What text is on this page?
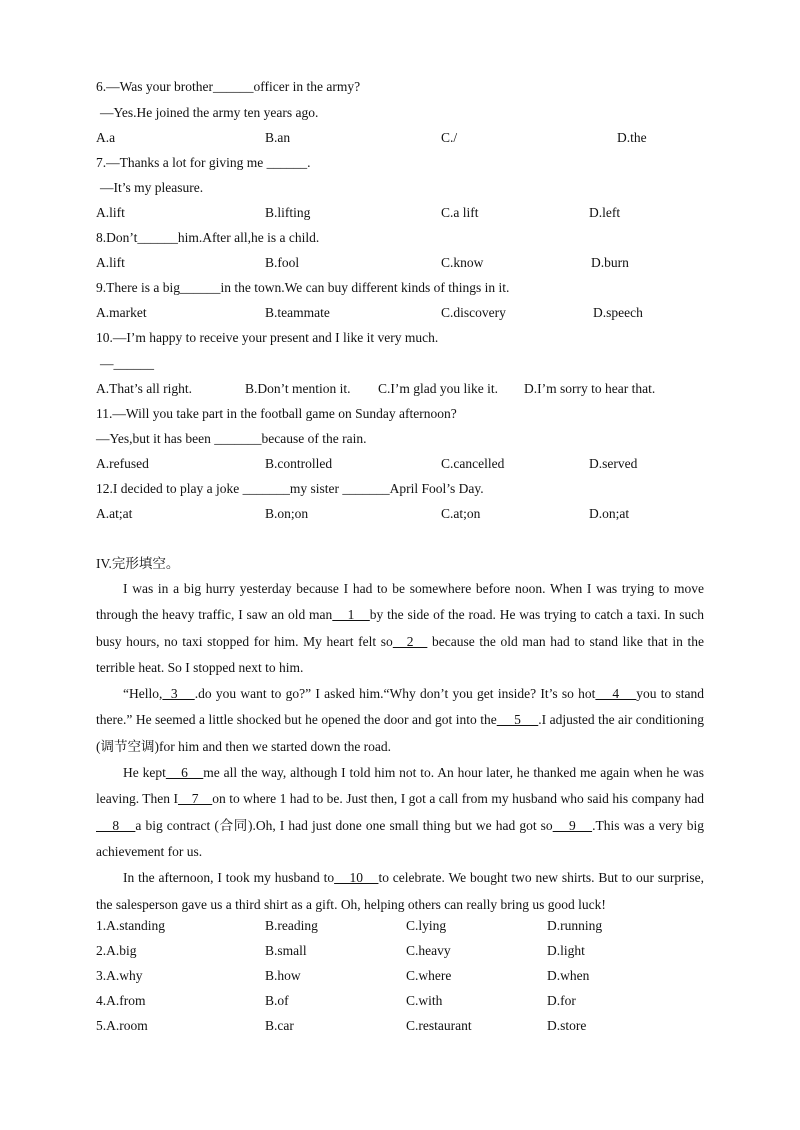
6.—Was your brother______officer in the army?
—Yes.He joined the army ten years ago.
A.a	B.an	C./	D.the
7.—Thanks a lot for giving me ______.
—It’s my pleasure.
A.lift	B.lifting	C.a lift	D.left
8.Don’t______him.After all,he is a child.
A.lift	B.fool	C.know	D.burn
9.There is a big______in the town.We can buy different kinds of things in it.
A.market	B.teammate	C.discovery	D.speech
10.—I’m happy to receive your present and I like it very much.
—______
A.That’s all right.	B.Don’t mention it. C.I’m glad you like it. D.I’m sorry to hear that.
11.—Will you take part in the football game on Sunday afternoon?
—Yes,but it has been _______because of the rain.
A.refused	B.controlled	C.cancelled	D.served
12.I decided to play a joke _______my sister _______April Fool’s Day.
A.at;at	B.on;on	C.at;on	D.on;at
IV.完形填空。

I was in a big hurry yesterday because I had to be somewhere before noon. When I was trying to move through the heavy traffic, I saw an old man    1    by the side of the road. He was trying to catch a taxi. In such busy hours, no taxi stopped for him. My heart felt so   2    because the old man had to stand like that in the terrible heat. So I stopped next to him.

“Hello,  3    .do you want to go?” I asked him.“Why don’t you get inside? It’s so hot    4    you to stand there.” He seemed a little shocked but he opened the door and got into the     5     .I adjusted the air conditioning (调节空调)for him and then we started down the road.

He kept    6    me all the way, although I told him not to. An hour later, he thanked me again when he was leaving. Then I    7    on to where 1 had to be. Just then, I got a call from my husband who said his company had    8    a big contract (合同).Oh, I had just done one small thing but we had got so    9    .This was a very big achievement for us.

In the afternoon, I took my husband to    10    to celebrate. We bought two new shirts. But to our surprise, the salesperson gave us a third shirt as a gift. Oh, helping others can really bring us good luck!

1.A.standing	B.reading	C.lying	D.running
2.A.big	B.small	C.heavy	D.light
3.A.why	B.how	C.where	D.when
4.A.from	B.of	C.with	D.for
5.A.room	B.car	C.restaurant	D.store
